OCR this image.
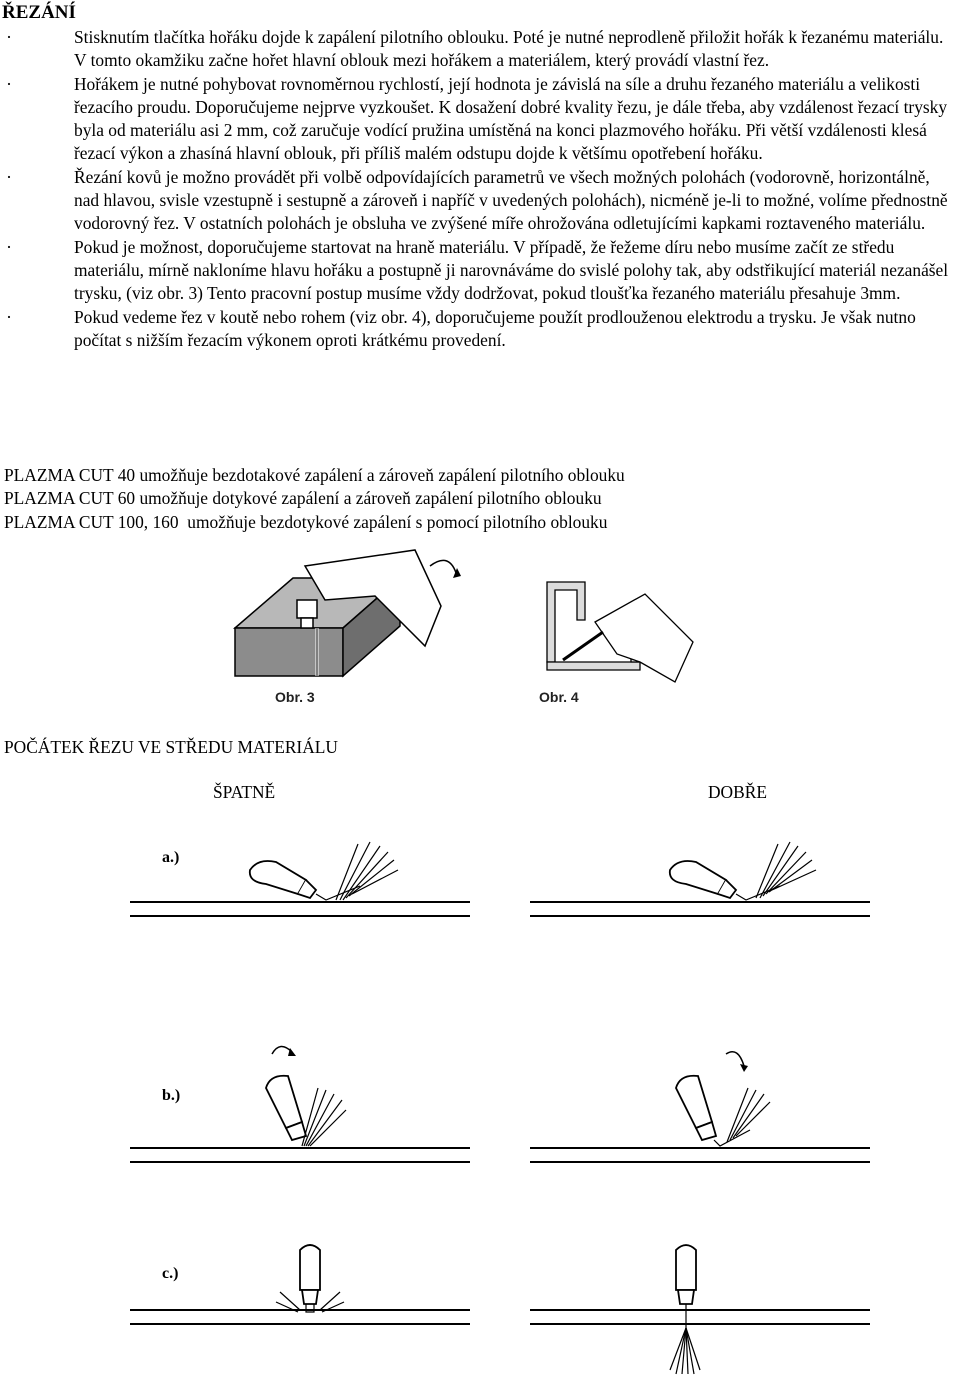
ŘEZÁNÍ
·	Stisknutím tlačítka hořáku dojde k zapálení pilotního oblouku. Poté je nutné neprodleně přiložit hořák k řezanému materiálu. V tomto okamžiku začne hořet hlavní oblouk mezi hořákem a materiálem, který provádí vlastní řez.
·	Hořákem je nutné pohybovat rovnoměrnou rychlostí, její hodnota je závislá na síle a druhu řezaného materiálu a velikosti řezacího proudu. Doporučujeme nejprve vyzkoušet. K dosažení dobré kvality řezu, je dále třeba, aby vzdálenost řezací trysky byla od materiálu asi 2 mm, což zaručuje vodící pružina umístěná na konci plazmového hořáku. Při větší vzdálenosti klesá řezací výkon a zhasíná hlavní oblouk, při příliš malém odstupu dojde k většímu opotřebení hořáku.
·	Řezání kovů je možno provádět při volbě odpovídajících parametrů ve všech možných polohách (vodorovně, horizontálně, nad hlavou, svisle vzestupně i sestupně a zároveň i napříč v uvedených polohách), nicméně je-li to možné, volíme přednostně vodorovný řez. V ostatních polohách je obsluha ve zvýšené míře ohrožována odletujícími kapkami roztaveného materiálu.
·	Pokud je možnost, doporučujeme startovat na hraně materiálu. V případě, že řežeme díru nebo musíme začít ze středu materiálu, mírně nakloníme hlavu hořáku a postupně ji narovnáváme do svislé polohy tak, aby odstřikující materiál nezanášel trysku, (viz obr. 3) Tento pracovní postup musíme vždy dodržovat, pokud tloušťka řezaného materiálu přesahuje 3mm.
·	Pokud vedeme řez v koutě nebo rohem (viz obr. 4), doporučujeme použít prodlouženou elektrodu a trysku. Je však nutno počítat s nižším řezacím výkonem oproti krátkému provedení.
PLAZMA CUT 40 umožňuje bezdotakové zapálení a zároveň zapálení pilotního oblouku
PLAZMA CUT 60 umožňuje dotykové zapálení a zároveň zapálení pilotního oblouku
PLAZMA CUT 100, 160  umožňuje bezdotykové zapálení s pomocí pilotního oblouku
Obr. 3	Obr. 4
POČÁTEK ŘEZU VE STŘEDU MATERIÁLU
ŠPATNĚ	DOBŘE
a.)
b.)
c.)
